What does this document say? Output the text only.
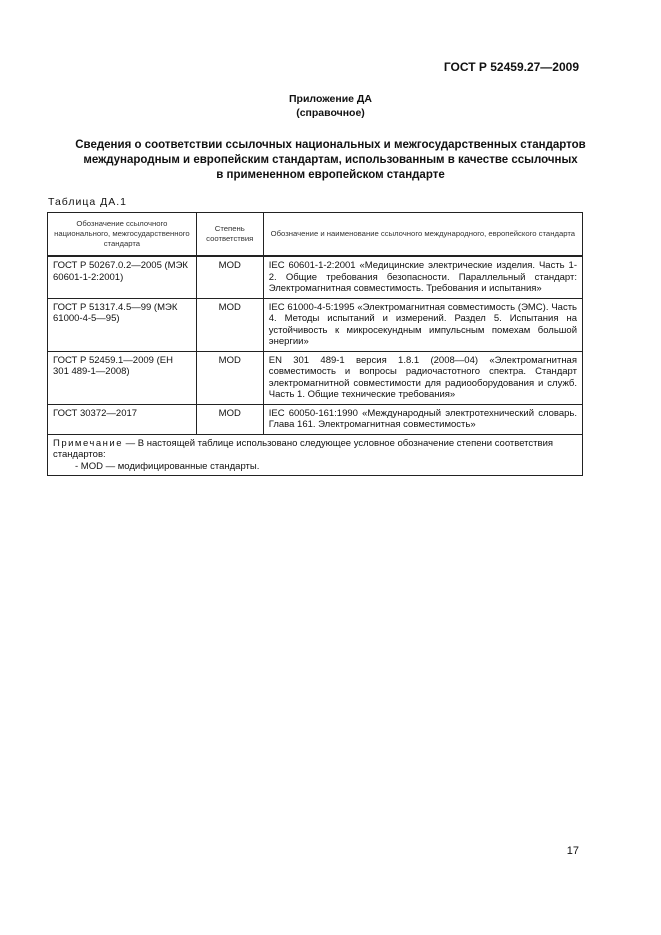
ГОСТ Р 52459.27—2009
Приложение ДА
(справочное)
Сведения о соответствии ссылочных национальных и межгосударственных стандартов
международным и европейским стандартам, использованным в качестве ссылочных
в примененном европейском стандарте
Таблица ДА.1
Обозначение ссылочного национального, межгосударственного стандарта	Степень соответствия	Обозначение и наименование ссылочного международного, европейского стандарта
ГОСТ Р 50267.0.2—2005 (МЭК 60601-1-2:2001)	MOD	IEC 60601-1-2:2001 «Медицинские электрические изделия. Часть 1-2. Общие требования безопасности. Параллельный стандарт: Электромагнитная совместимость. Требования и испытания»
ГОСТ Р 51317.4.5—99 (МЭК 61000-4-5—95)	MOD	IEC 61000-4-5:1995 «Электромагнитная совместимость (ЭМС). Часть 4. Методы испытаний и измерений. Раздел 5. Испытания на устойчивость к микросекундным импульсным помехам большой энергии»
ГОСТ Р 52459.1—2009 (ЕН 301 489-1—2008)	MOD	EN 301 489-1 версия 1.8.1 (2008—04) «Электромагнитная совместимость и вопросы радиочастотного спектра. Стандарт электромагнитной совместимости для радиооборудования и служб. Часть 1. Общие технические требования»
ГОСТ 30372—2017	MOD	IEC 60050-161:1990 «Международный электротехнический словарь. Глава 161. Электромагнитная совместимость»
Примечание — В настоящей таблице использовано следующее условное обозначение степени соответствия стандартов:
- MOD — модифицированные стандарты.		
17
